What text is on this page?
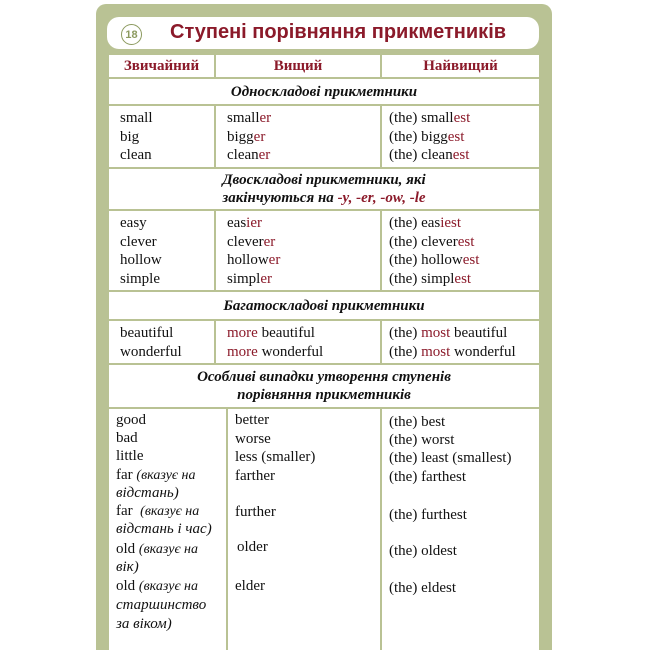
18 Ступені порівняння прикметників
Звичайний	Вищий	Найвищий
Односкладові прикметники
small
big
clean
smaller
bigger
cleaner
(the) smallest
(the) biggest
(the) cleanest
Двоскладові прикметники, які
закінчуються на -y, -er, -ow, -le
easy
clever
hollow
simple
easier
cleverer
hollower
simpler
(the) easiest
(the) cleverest
(the) hollowest
(the) simplest
Багатоскладові прикметники
beautiful
wonderful
more beautiful
more wonderful
(the) most beautiful
(the) most wonderful
Особливі випадки утворення ступенів
порівняння прикметників
good
bad
little
far (вказує на
відстань)
far (вказує на
відстань і час)
old (вказує на
вік)
old (вказує на
старшинство
за віком)
better
worse
less (smaller)
farther
further
older
elder
(the) best
(the) worst
(the) least (smallest)
(the) farthest
(the) furthest
(the) oldest
(the) eldest
